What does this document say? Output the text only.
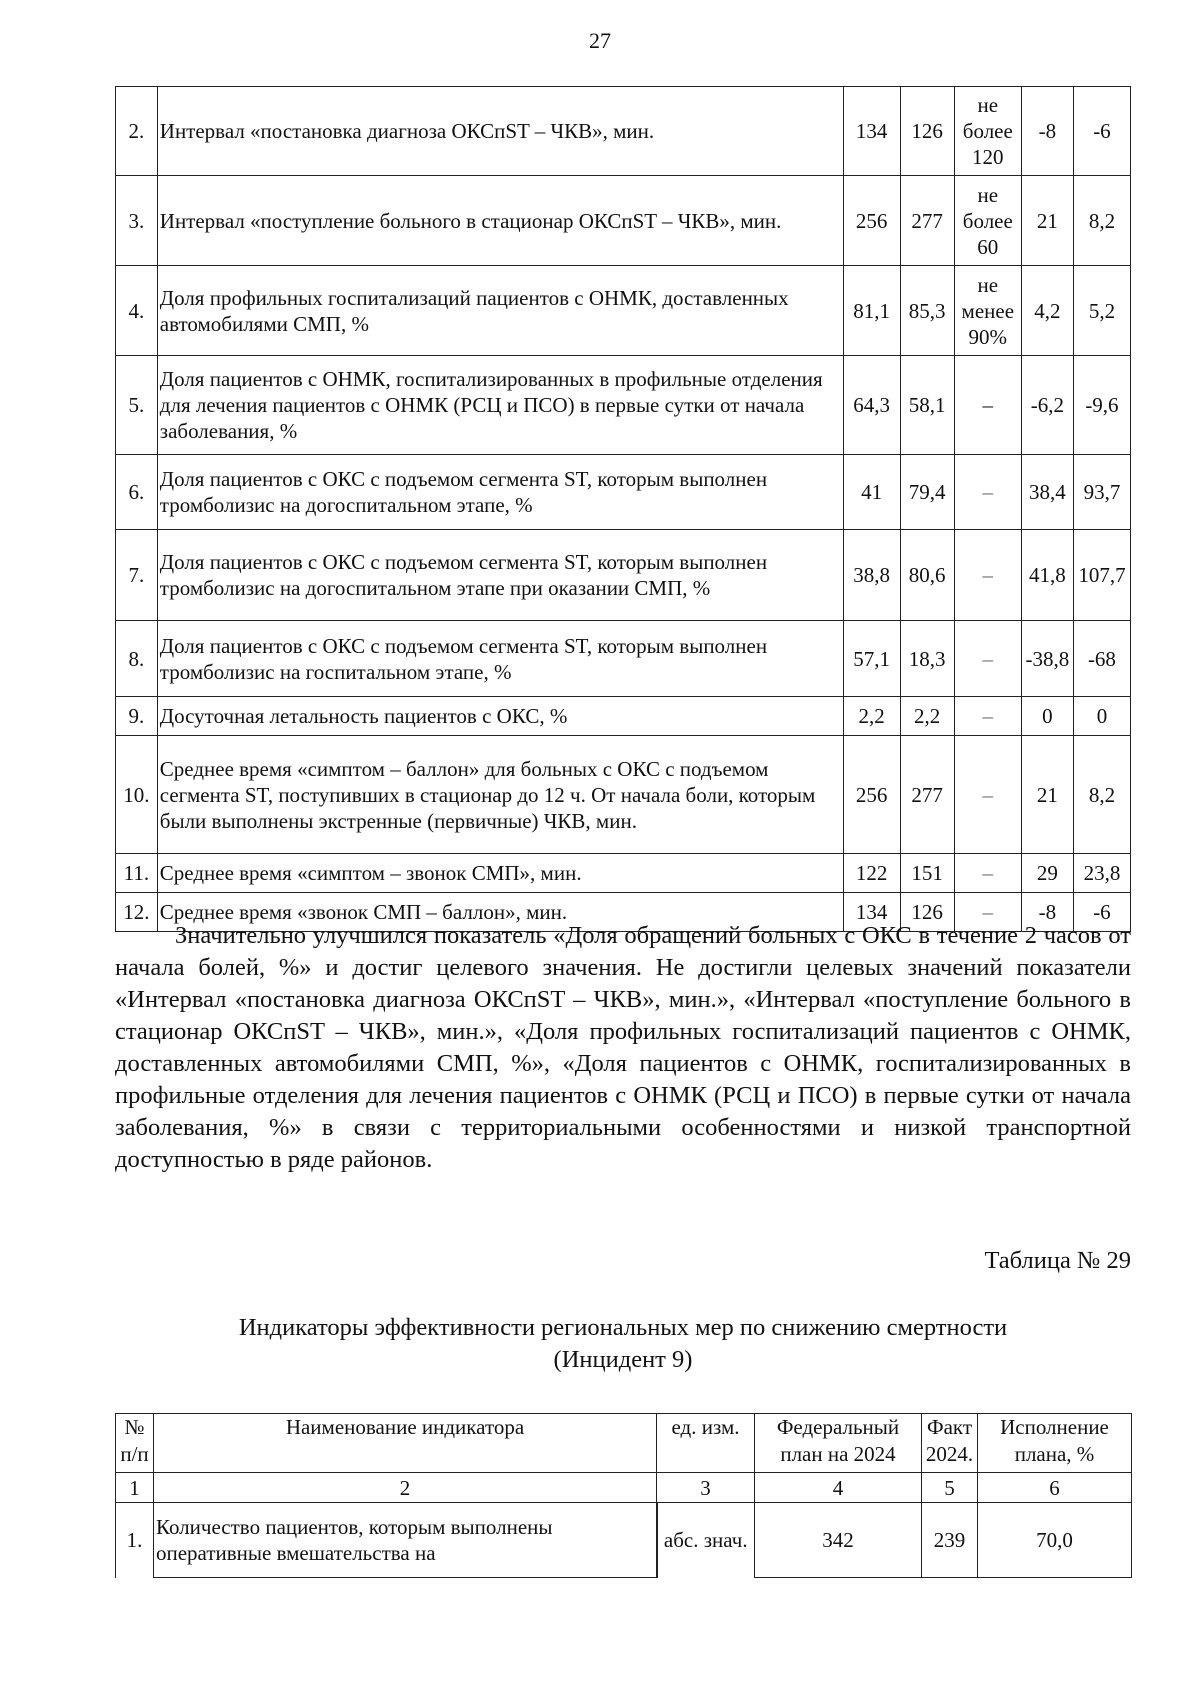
27
2.	Интервал «постановка диагноза ОКСпST – ЧКВ», мин.	134	126	не более 120	-8	-6
3.	Интервал «поступление больного в стационар ОКСпST – ЧКВ», мин.	256	277	не более 60	21	8,2
4.	Доля профильных госпитализаций пациентов с ОНМК, доставленных автомобилями СМП, %	81,1	85,3	не менее 90%	4,2	5,2
5.	Доля пациентов с ОНМК, госпитализированных в профильные отделения для лечения пациентов с ОНМК (РСЦ и ПСО) в первые сутки от начала заболевания, %	64,3	58,1	–	-6,2	-9,6
6.	Доля пациентов с ОКС с подъемом сегмента ST, которым выполнен тромболизис на догоспитальном этапе, %	41	79,4	–	38,4	93,7
7.	Доля пациентов с ОКС с подъемом сегмента ST, которым выполнен тромболизис на догоспитальном этапе при оказании СМП, %	38,8	80,6	–	41,8	107,7
8.	Доля пациентов с ОКС с подъемом сегмента ST, которым выполнен тромболизис на госпитальном этапе, %	57,1	18,3	–	-38,8	-68
9.	Досуточная летальность пациентов с ОКС, %	2,2	2,2	–	0	0
10.	Среднее время «симптом – баллон» для больных с ОКС с подъемом сегмента ST, поступивших в стационар до 12 ч. От начала боли, которым были выполнены экстренные (первичные) ЧКВ, мин.	256	277	–	21	8,2
11.	Среднее время «симптом – звонок СМП», мин.	122	151	–	29	23,8
12.	Среднее время «звонок СМП – баллон», мин.	134	126	–	-8	-6

Значительно улучшился показатель «Доля обращений больных с ОКС в течение 2 часов от начала болей, %» и достиг целевого значения. Не достигли целевых значений показатели «Интервал «постановка диагноза ОКСпST – ЧКВ», мин.», «Интервал «поступление больного в стационар ОКСпST – ЧКВ», мин.», «Доля профильных госпитализаций пациентов с ОНМК, доставленных автомобилями СМП, %», «Доля пациентов с ОНМК, госпитализированных в профильные отделения для лечения пациентов с ОНМК (РСЦ и ПСО) в первые сутки от начала заболевания, %» в связи с территориальными особенностями и низкой транспортной доступностью в ряде районов.

Таблица № 29
Индикаторы эффективности региональных мер по снижению смертности
(Инцидент 9)
№ п/п	Наименование индикатора	ед. изм.	Федеральный план на 2024	Факт 2024.	Исполнение плана, %
1	2	3	4	5	6
1.	Количество пациентов, которым выполнены оперативные вмешательства на	абс. знач.	342	239	70,0
